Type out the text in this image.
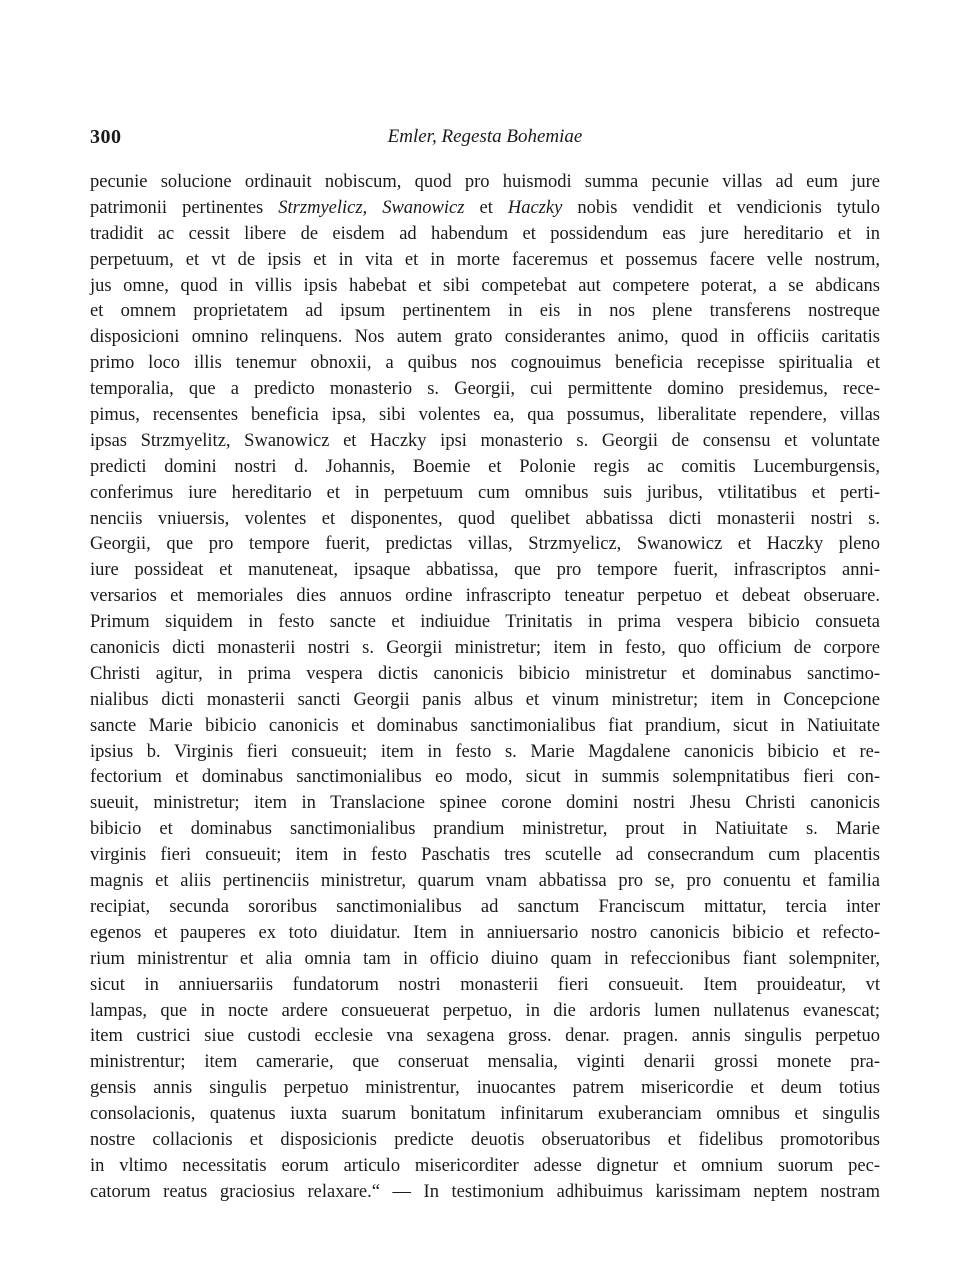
300	Emler, Regesta Bohemiae
pecunie solucione ordinauit nobiscum, quod pro huismodi summa pecunie villas ad eum jure
patrimonii pertinentes Strzmyelicz, Swanowicz et Haczky nobis vendidit et vendicionis tytulo
tradidit ac cessit libere de eisdem ad habendum et possidendum eas jure hereditario et in
perpetuum, et vt de ipsis et in vita et in morte faceremus et possemus facere velle nostrum,
jus omne, quod in villis ipsis habebat et sibi competebat aut competere poterat, a se abdicans
et omnem proprietatem ad ipsum pertinentem in eis in nos plene transferens nostreque
disposicioni omnino relinquens. Nos autem grato considerantes animo, quod in officiis caritatis
primo loco illis tenemur obnoxii, a quibus nos cognouimus beneficia recepisse spiritualia et
temporalia, que a predicto monasterio s. Georgii, cui permittente domino presidemus, rece-
pimus, recensentes beneficia ipsa, sibi volentes ea, qua possumus, liberalitate rependere, villas
ipsas Strzmyelitz, Swanowicz et Haczky ipsi monasterio s. Georgii de consensu et voluntate
predicti domini nostri d. Johannis, Boemie et Polonie regis ac comitis Lucemburgensis,
conferimus iure hereditario et in perpetuum cum omnibus suis juribus, vtilitatibus et perti-
nenciis vniuersis, volentes et disponentes, quod quelibet abbatissa dicti monasterii nostri s.
Georgii, que pro tempore fuerit, predictas villas, Strzmyelicz, Swanowicz et Haczky pleno
iure possideat et manuteneat, ipsaque abbatissa, que pro tempore fuerit, infrascriptos anni-
versarios et memoriales dies annuos ordine infrascripto teneatur perpetuo et debeat obseruare.
Primum siquidem in festo sancte et indiuidue Trinitatis in prima vespera bibicio consueta
canonicis dicti monasterii nostri s. Georgii ministretur; item in festo, quo officium de corpore
Christi agitur, in prima vespera dictis canonicis bibicio ministretur et dominabus sanctimo-
nialibus dicti monasterii sancti Georgii panis albus et vinum ministretur; item in Concepcione
sancte Marie bibicio canonicis et dominabus sanctimonialibus fiat prandium, sicut in Natiuitate
ipsius b. Virginis fieri consueuit; item in festo s. Marie Magdalene canonicis bibicio et re-
fectorium et dominabus sanctimonialibus eo modo, sicut in summis solempnitatibus fieri con-
sueuit, ministretur; item in Translacione spinee corone domini nostri Jhesu Christi canonicis
bibicio et dominabus sanctimonialibus prandium ministretur, prout in Natiuitate s. Marie
virginis fieri consueuit; item in festo Paschatis tres scutelle ad consecrandum cum placentis
magnis et aliis pertinenciis ministretur, quarum vnam abbatissa pro se, pro conuentu et familia
recipiat, secunda sororibus sanctimonialibus ad sanctum Franciscum mittatur, tercia inter
egenos et pauperes ex toto diuidatur. Item in anniuersario nostro canonicis bibicio et refecto-
rium ministrentur et alia omnia tam in officio diuino quam in refeccionibus fiant solempniter,
sicut in anniuersariis fundatorum nostri monasterii fieri consueuit. Item prouideatur, vt
lampas, que in nocte ardere consueuerat perpetuo, in die ardoris lumen nullatenus evanescat;
item custrici siue custodi ecclesie vna sexagena gross. denar. pragen. annis singulis perpetuo
ministrentur; item camerarie, que conseruat mensalia, viginti denarii grossi monete pra-
gensis annis singulis perpetuo ministrentur, inuocantes patrem misericordie et deum totius
consolacionis, quatenus iuxta suarum bonitatum infinitarum exuberanciam omnibus et singulis
nostre collacionis et disposicionis predicte deuotis obseruatoribus et fidelibus promotoribus
in vltimo necessitatis eorum articulo misericorditer adesse dignetur et omnium suorum pec-
catorum reatus graciosius relaxare.“ — In testimonium adhibuimus karissimam neptem nostram
